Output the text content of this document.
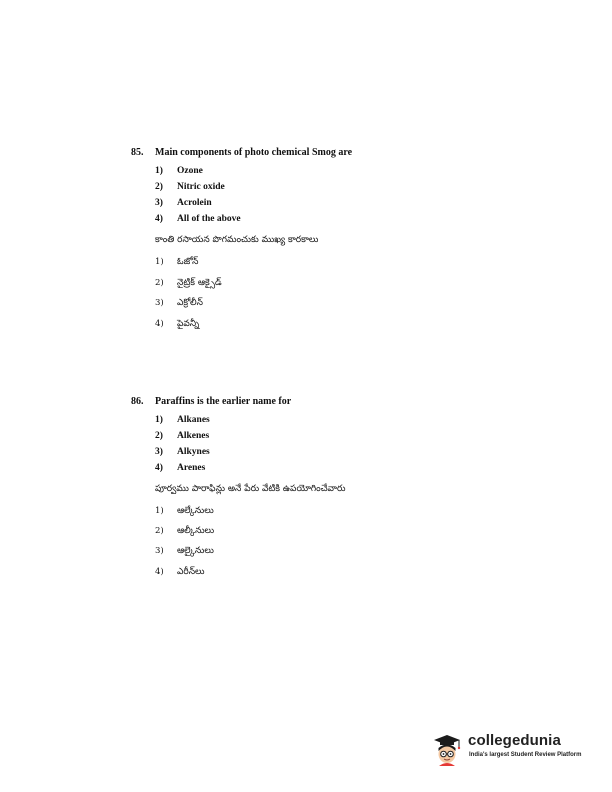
85. Main components of photo chemical Smog are
1)	Ozone
2)	Nitric oxide
3)	Acrolein
4)	All of the above
కాంతి రసాయన పొగమంచుకు ముఖ్య కారకాలు
1)	ఓజోన్
2)	నైట్రిక్ ఆక్సైడ్
3)	ఎక్రోలీన్
4)	పైవన్నీ
86. Paraffins is the earlier name for
1)	Alkanes
2)	Alkenes
3)	Alkynes
4)	Arenes
పూర్వము పారాఫిన్లు అనే పేరు వేటికి ఉపయోగించేవారు
1)	ఆల్కేనులు
2)	ఆల్కీనులు
3)	ఆల్కైనులు
4)	ఎరీన్‌లు
collegedunia
India's largest Student Review Platform
